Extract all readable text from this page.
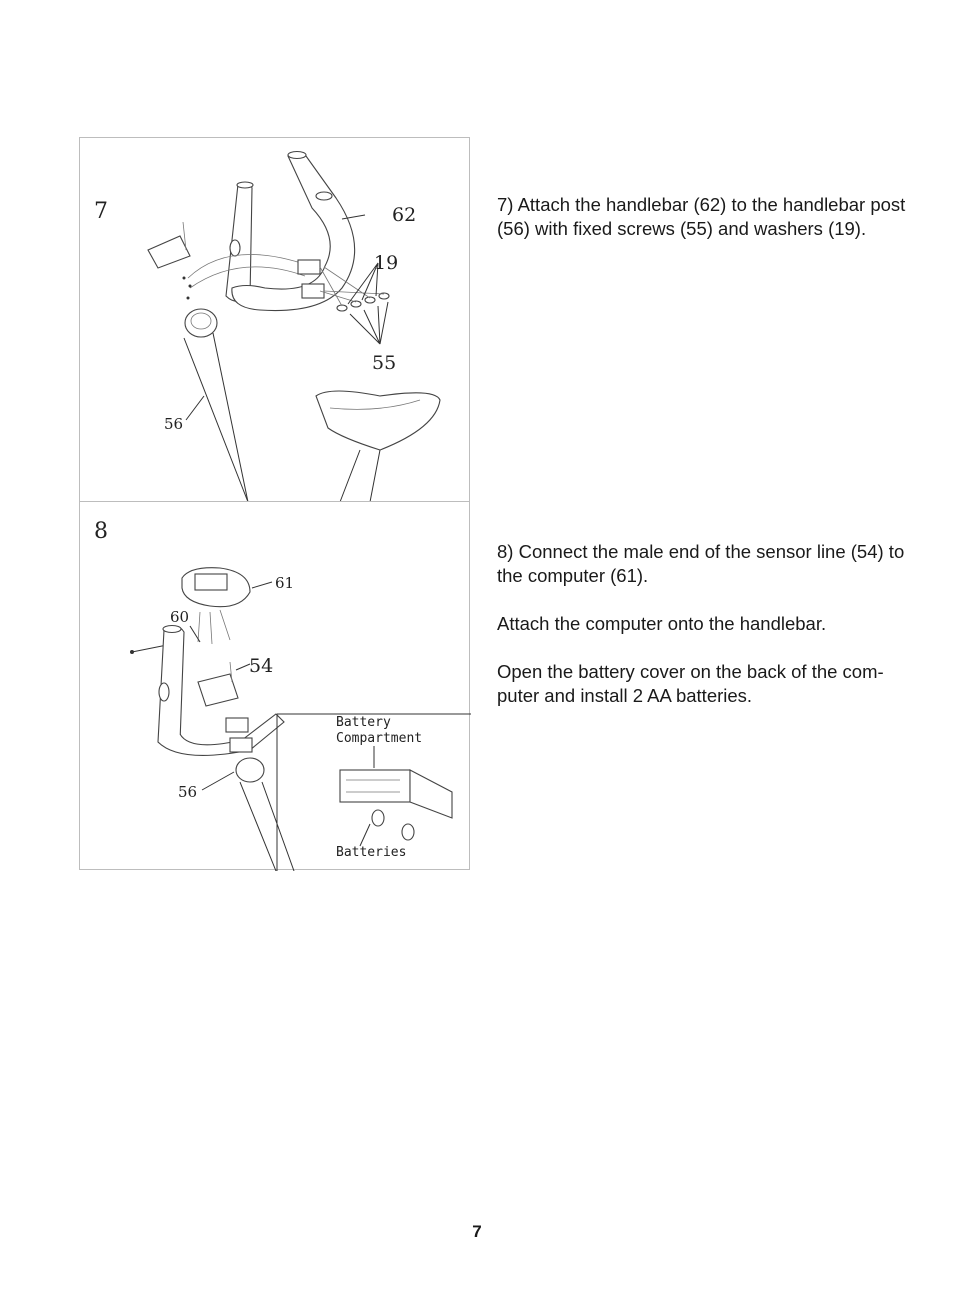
7	62
19
55
56
8
61
60
54
56
Battery
Compartment
Batteries

7) Attach the handlebar (62) to the handlebar post (56) with fixed screws (55) and washers (19).

8) Connect the male end of the sensor line (54) to the computer (61).

Attach the computer onto the handlebar.

Open the battery cover on the back of the com- puter and install 2 AA batteries.

7
